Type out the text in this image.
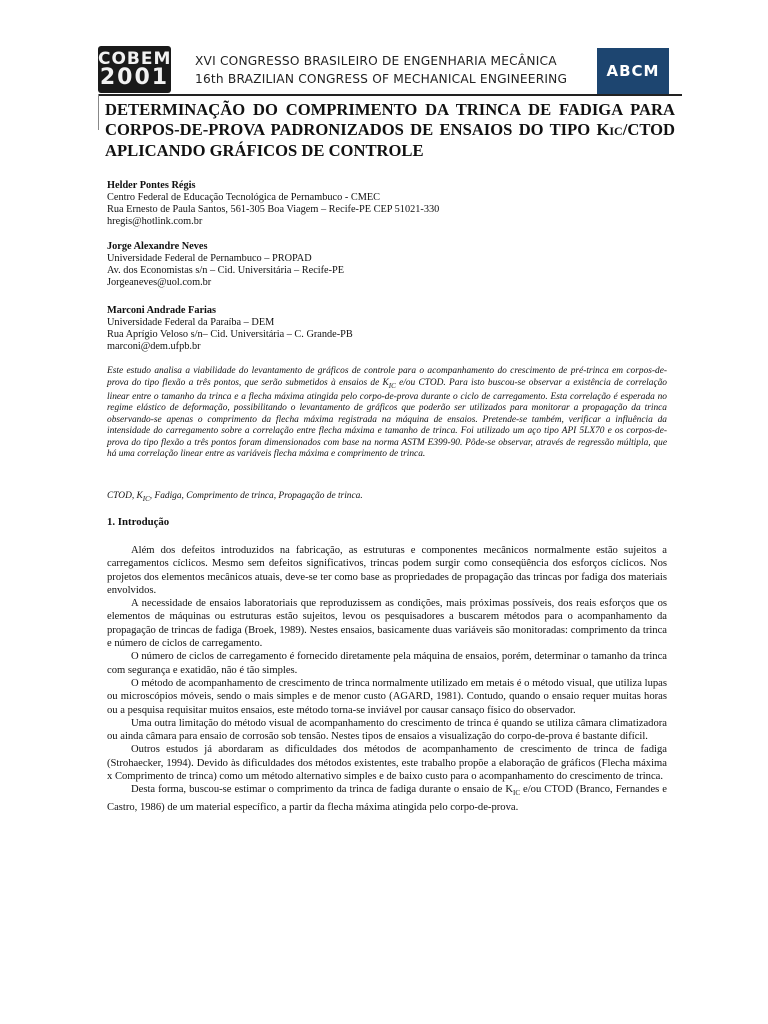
COBEM
2001
XVI CONGRESSO BRASILEIRO DE ENGENHARIA MECÂNICA
16th BRAZILIAN CONGRESS OF MECHANICAL ENGINEERING	ABCM
DETERMINAÇÃO DO COMPRIMENTO DA TRINCA DE FADIGA PARA
CORPOS-DE-PROVA PADRONIZADOS DE ENSAIOS DO TIPO KIC/CTOD
APLICANDO GRÁFICOS DE CONTROLE
Helder Pontes Régis
Centro Federal de Educação Tecnológica de Pernambuco - CMEC
Rua Ernesto de Paula Santos, 561-305 Boa Viagem – Recife-PE CEP 51021-330
hregis@hotlink.com.br
Jorge Alexandre Neves
Universidade Federal de Pernambuco – PROPAD
Av. dos Economistas s/n – Cid. Universitária – Recife-PE
Jorgeaneves@uol.com.br
Marconi Andrade Farias
Universidade Federal da Paraíba – DEM
Rua Aprígio Veloso s/n– Cid. Universitária – C. Grande-PB
marconi@dem.ufpb.br

Este estudo analisa a viabilidade do levantamento de gráficos de controle para o acompanhamento do crescimento de pré-trinca em corpos-de-prova do tipo flexão a três pontos, que serão submetidos à ensaios de $K_{IC}$ e/ou CTOD. Para isto buscou-se observar a existência de correlação linear entre o tamanho da trinca e a flecha máxima atingida pelo corpo-de-prova durante o ciclo de carregamento. Esta correlação é esperada no regime elástico de deformação, possibilitando o levantamento de gráficos que poderão ser utilizados para monitorar a propagação da trinca observando-se apenas o comprimento da flecha máxima registrada na máquina de ensaios. Pretende-se também, verificar a influência da intensidade do carregamento sobre a correlação entre flecha máxima e tamanho de trinca. Foi utilizado um aço tipo API 5LX70 e os corpos-de-prova do tipo flexão a três pontos foram dimensionados com base na norma ASTM E399-90. Pôde-se observar, através de regressão múltipla, que há uma correlação linear entre as variáveis flecha máxima e comprimento de trinca.

CTOD, $K_{IC}$, Fadiga, Comprimento de trinca, Propagação de trinca.

1. Introdução

Além dos defeitos introduzidos na fabricação, as estruturas e componentes mecânicos normalmente estão sujeitos a carregamentos cíclicos. Mesmo sem defeitos significativos, trincas podem surgir como conseqüência dos esforços cíclicos. Nos projetos dos elementos mecânicos atuais, deve-se ter como base as propriedades de propagação das trincas por fadiga dos materiais envolvidos.

A necessidade de ensaios laboratoriais que reproduzissem as condições, mais próximas possíveis, dos reais esforços que os elementos de máquinas ou estruturas estão sujeitos, levou os pesquisadores a buscarem métodos para o acompanhamento da propagação de trincas de fadiga (Broek, 1989). Nestes ensaios, basicamente duas variáveis são monitoradas: comprimento da trinca e número de ciclos de carregamento.

O número de ciclos de carregamento é fornecido diretamente pela máquina de ensaios, porém, determinar o tamanho da trinca com segurança e exatidão, não é tão simples.

O método de acompanhamento de crescimento de trinca normalmente utilizado em metais é o método visual, que utiliza lupas ou microscópios móveis, sendo o mais simples e de menor custo (AGARD, 1981). Contudo, quando o ensaio requer muitas horas ou a pesquisa requisitar muitos ensaios, este método torna-se inviável por causar cansaço físico do observador.

Uma outra limitação do método visual de acompanhamento do crescimento de trinca é quando se utiliza câmara climatizadora ou ainda câmara para ensaio de corrosão sob tensão. Nestes tipos de ensaios a visualização do corpo-de-prova é bastante difícil.

Outros estudos já abordaram as dificuldades dos métodos de acompanhamento de crescimento de trinca de fadiga (Strohaecker, 1994). Devido às dificuldades dos métodos existentes, este trabalho propõe a elaboração de gráficos (Flecha máxima x Comprimento de trinca) como um método alternativo simples e de baixo custo para o acompanhamento do crescimento de trinca.

Desta forma, buscou-se estimar o comprimento da trinca de fadiga durante o ensaio de $K_{IC}$ e/ou CTOD (Branco, Fernandes e Castro, 1986) de um material específico, a partir da flecha máxima atingida pelo corpo-de-prova.
